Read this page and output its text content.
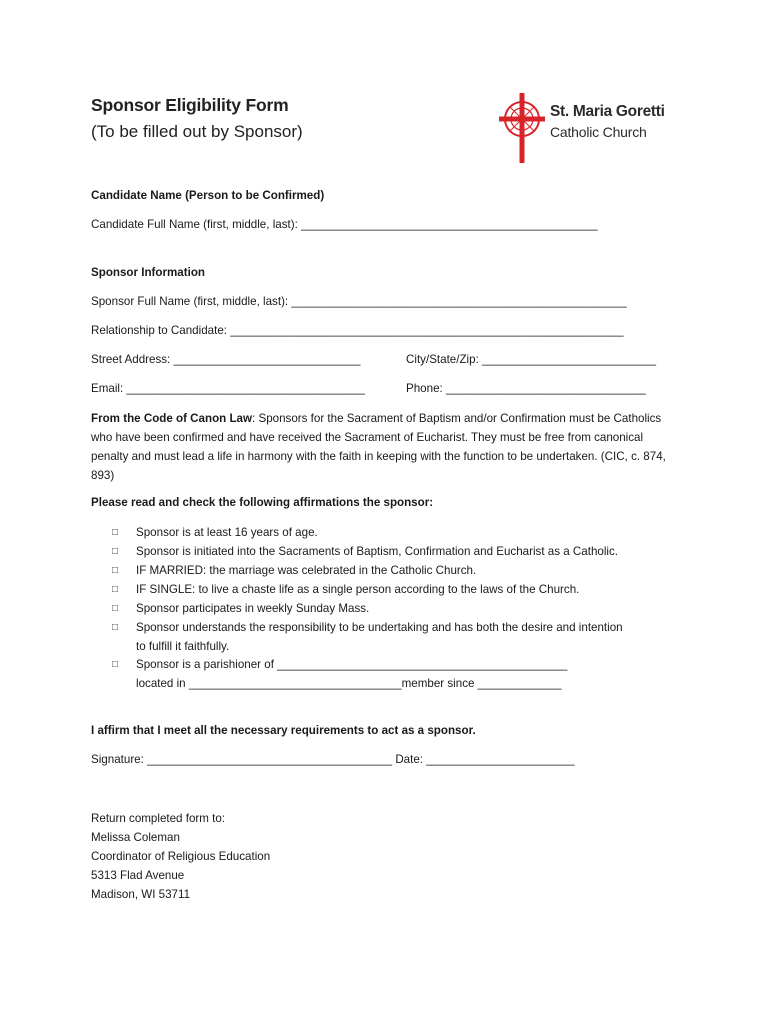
Sponsor Eligibility Form
(To be filled out by Sponsor)
St. Maria Goretti
Catholic Church
Candidate Name (Person to be Confirmed)
Candidate Full Name (first, middle, last): ______________________________________________
Sponsor Information
Sponsor Full Name (first, middle, last): ____________________________________________________
Relationship to Candidate: _____________________________________________________________
Street Address: _____________________________	City/State/Zip: ___________________________
Email: _____________________________________	Phone: _______________________________
From the Code of Canon Law: Sponsors for the Sacrament of Baptism and/or Confirmation must be Catholics who have been confirmed and have received the Sacrament of Eucharist. They must be free from canonical penalty and must lead a life in harmony with the faith in keeping with the function to be undertaken. (CIC, c. 874, 893)
Please read and check the following affirmations the sponsor:
□ Sponsor is at least 16 years of age.
□ Sponsor is initiated into the Sacraments of Baptism, Confirmation and Eucharist as a Catholic.
□ IF MARRIED: the marriage was celebrated in the Catholic Church.
□ IF SINGLE: to live a chaste life as a single person according to the laws of the Church.
□ Sponsor participates in weekly Sunday Mass.
□ Sponsor understands the responsibility to be undertaking and has both the desire and intention
to fulfill it faithfully.
□ Sponsor is a parishioner of _____________________________________________
located in _________________________________member since _____________
I affirm that I meet all the necessary requirements to act as a sponsor.
Signature: ______________________________________ Date: _______________________
Return completed form to:
Melissa Coleman
Coordinator of Religious Education
5313 Flad Avenue
Madison, WI 53711
